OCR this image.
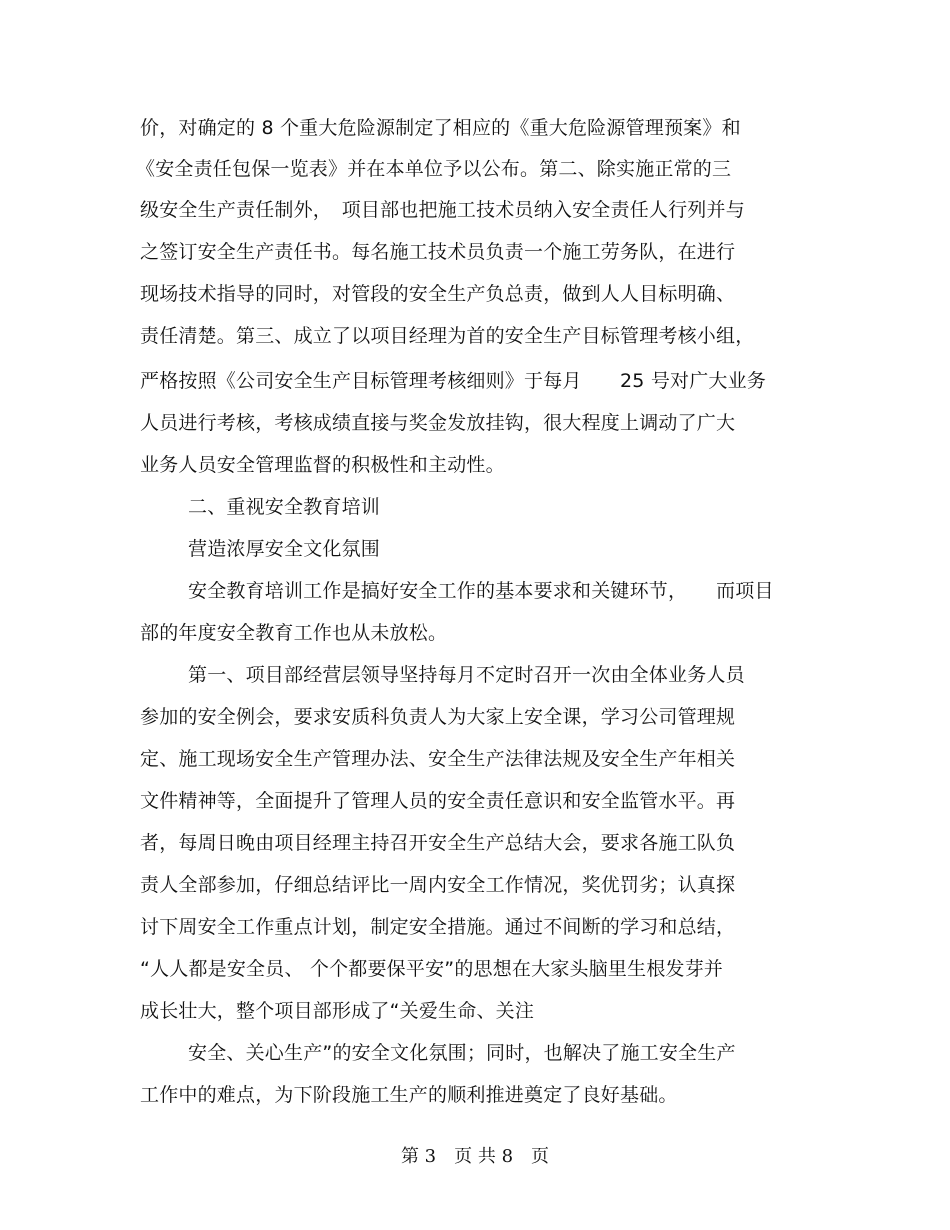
价，对确定的 8 个重大危险源制定了相应的《重大危险源管理预案》和
《安全责任包保一览表》并在本单位予以公布。第二、除实施正常的三
级安全生产责任制外，　项目部也把施工技术员纳入安全责任人行列并与
之签订安全生产责任书。每名施工技术员负责一个施工劳务队，在进行
现场技术指导的同时，对管段的安全生产负总责，做到人人目标明确、
责任清楚。第三、成立了以项目经理为首的安全生产目标管理考核小组，
严格按照《公司安全生产目标管理考核细则》于每月　　25 号对广大业务
人员进行考核，考核成绩直接与奖金发放挂钩，很大程度上调动了广大
业务人员安全管理监督的积极性和主动性。
二、重视安全教育培训
营造浓厚安全文化氛围
安全教育培训工作是搞好安全工作的基本要求和关键环节，　　而项目
部的年度安全教育工作也从未放松。
第一、项目部经营层领导坚持每月不定时召开一次由全体业务人员
参加的安全例会，要求安质科负责人为大家上安全课，学习公司管理规
定、施工现场安全生产管理办法、安全生产法律法规及安全生产年相关
文件精神等，全面提升了管理人员的安全责任意识和安全监管水平。再
者，每周日晚由项目经理主持召开安全生产总结大会，要求各施工队负
责人全部参加，仔细总结评比一周内安全工作情况，奖优罚劣；认真探
讨下周安全工作重点计划，制定安全措施。通过不间断的学习和总结，
“人人都是安全员、 个个都要保平安”的思想在大家头脑里生根发芽并
成长壮大，整个项目部形成了“关爱生命、关注
安全、关心生产”的安全文化氛围；同时，也解决了施工安全生产
工作中的难点，为下阶段施工生产的顺利推进奠定了良好基础。
第 3　页 共 8　页
